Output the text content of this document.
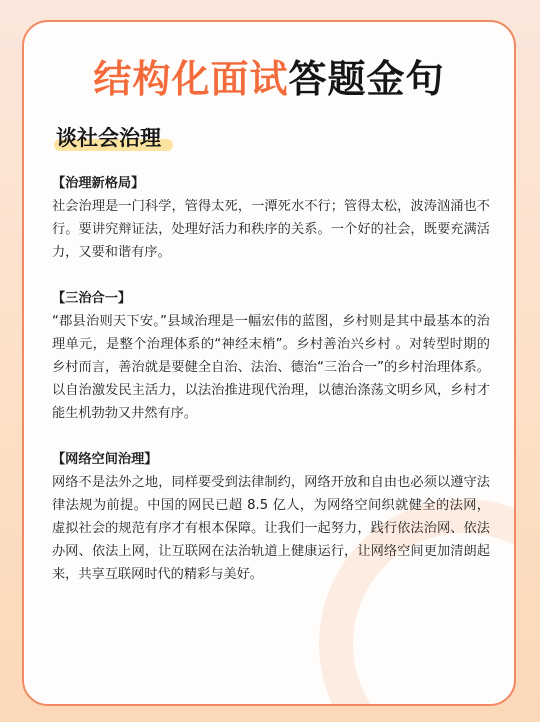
结构化面试答题金句
谈社会治理

【治理新格局】

社会治理是一门科学，管得太死，一潭死水不行；管得太松，波涛汹涌也不行。要讲究辩证法，处理好活力和秩序的关系。一个好的社会，既要充满活力，又要和谐有序。

【三治合一】

“郡县治则天下安。”县域治理是一幅宏伟的蓝图，乡村则是其中最基本的治理单元，是整个治理体系的“神经末梢”。乡村善治兴乡村 。对转型时期的乡村而言，善治就是要健全自治、法治、德治“三治合一”的乡村治理体系。 以自治激发民主活力，以法治推进现代治理，以德治涤荡文明乡风，乡村才能生机勃勃又井然有序。

【网络空间治理】

网络不是法外之地，同样要受到法律制约，网络开放和自由也必须以遵守法律法规为前提。中国的网民已超 8.5 亿人，为网络空间织就健全的法网，虚拟社会的规范有序才有根本保障。让我们一起努力，践行依法治网、依法办网、依法上网，让互联网在法治轨道上健康运行，让网络空间更加清朗起来，共享互联网时代的精彩与美好。
